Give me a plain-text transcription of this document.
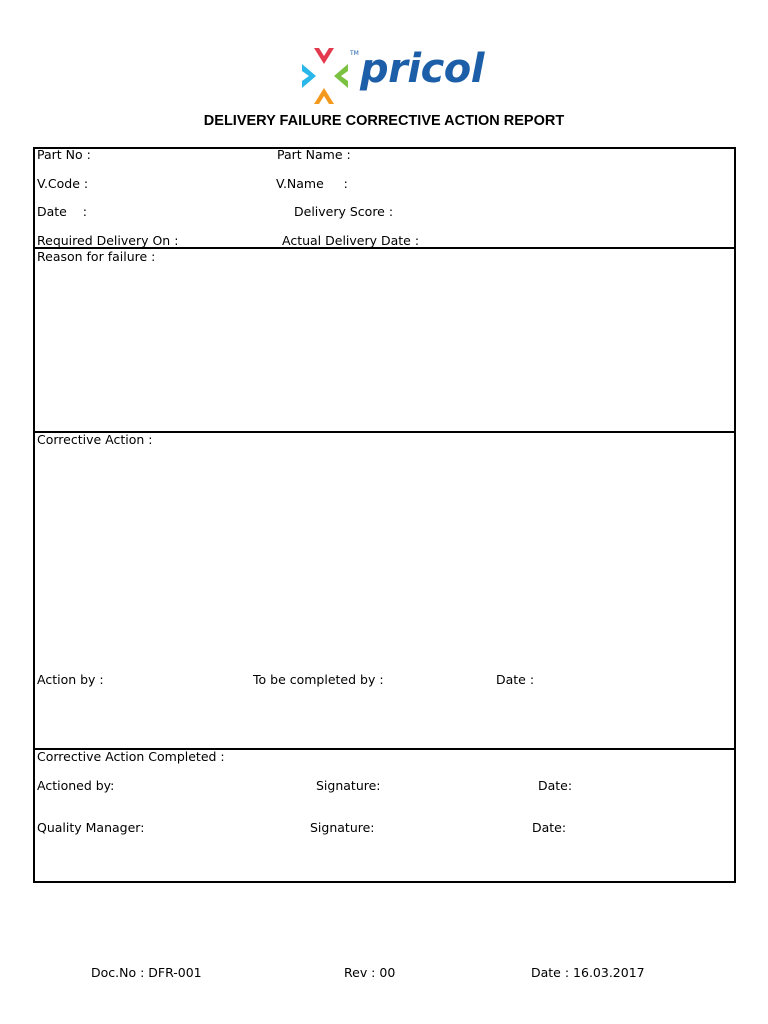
TM pricol
DELIVERY FAILURE CORRECTIVE ACTION REPORT
Part No :	Part Name :
V.Code :	V.Name     :
Date    :	Delivery Score :
Required Delivery On :	Actual Delivery Date :
Reason for failure :
Corrective Action :
Action by :	To be completed by :	Date :
Corrective Action Completed :
Actioned by:	Signature:	Date:
Quality Manager:	Signature:	Date:
Doc.No : DFR-001	Rev : 00	Date : 16.03.2017
